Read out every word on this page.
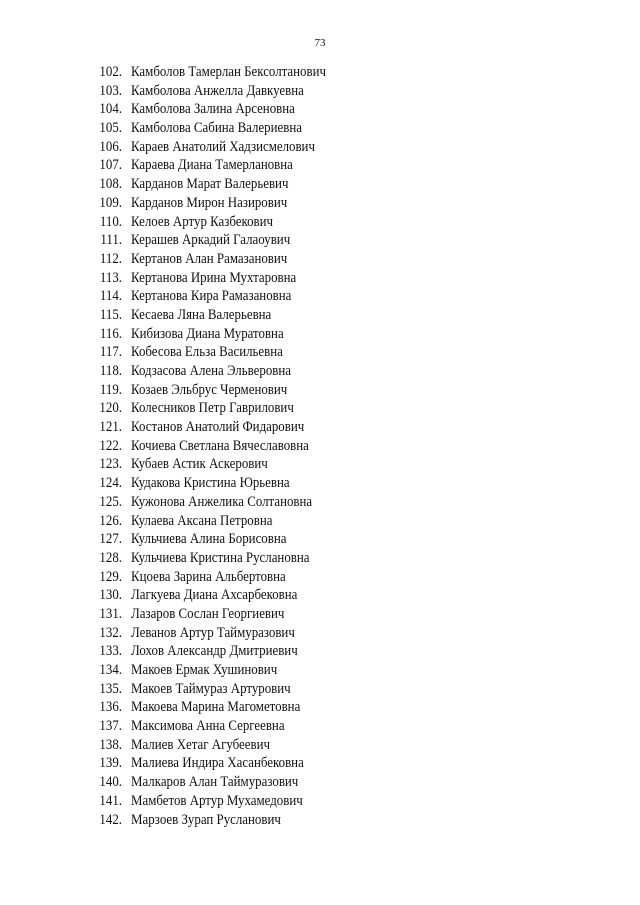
73
102. Камболов Тамерлан Бексолтанович
103. Камболова Анжелла Давкуевна
104. Камболова Залина Арсеновна
105. Камболова Сабина Валериевна
106. Караев Анатолий Хадзисмелович
107. Караева Диана Тамерлановна
108. Карданов Марат Валерьевич
109. Карданов Мирон Назирович
110. Келоев Артур Казбекович
111. Керашев Аркадий Галаоувич
112. Кертанов Алан Рамазанович
113. Кертанова Ирина Мухтаровна
114. Кертанова Кира Рамазановна
115. Кесаева Ляна Валерьевна
116. Кибизова Диана Муратовна
117. Кобесова Ельза Васильевна
118. Кодзасова Алена Эльверовна
119. Козаев Эльбрус Черменович
120. Колесников Петр Гаврилович
121. Костанов Анатолий Фидарович
122. Кочиева Светлана Вячеславовна
123. Кубаев Астик Аскерович
124. Кудакова Кристина Юрьевна
125. Кужонова Анжелика Солтановна
126. Кулаева Аксана Петровна
127. Кульчиева Алина Борисовна
128. Кульчиева Кристина Руслановна
129. Кцоева Зарина Альбертовна
130. Лагкуева Диана Ахсарбековна
131. Лазаров Сослан Георгиевич
132. Леванов Артур Таймуразович
133. Лохов Александр Дмитриевич
134. Макоев Ермак Хушинович
135. Макоев Таймураз Артурович
136. Макоева Марина Магометовна
137. Максимова Анна Сергеевна
138. Малиев Хетаг Агубеевич
139. Малиева Индира Хасанбековна
140. Малкаров Алан Таймуразович
141. Мамбетов Артур Мухамедович
142. Марзоев Зурап Русланович
